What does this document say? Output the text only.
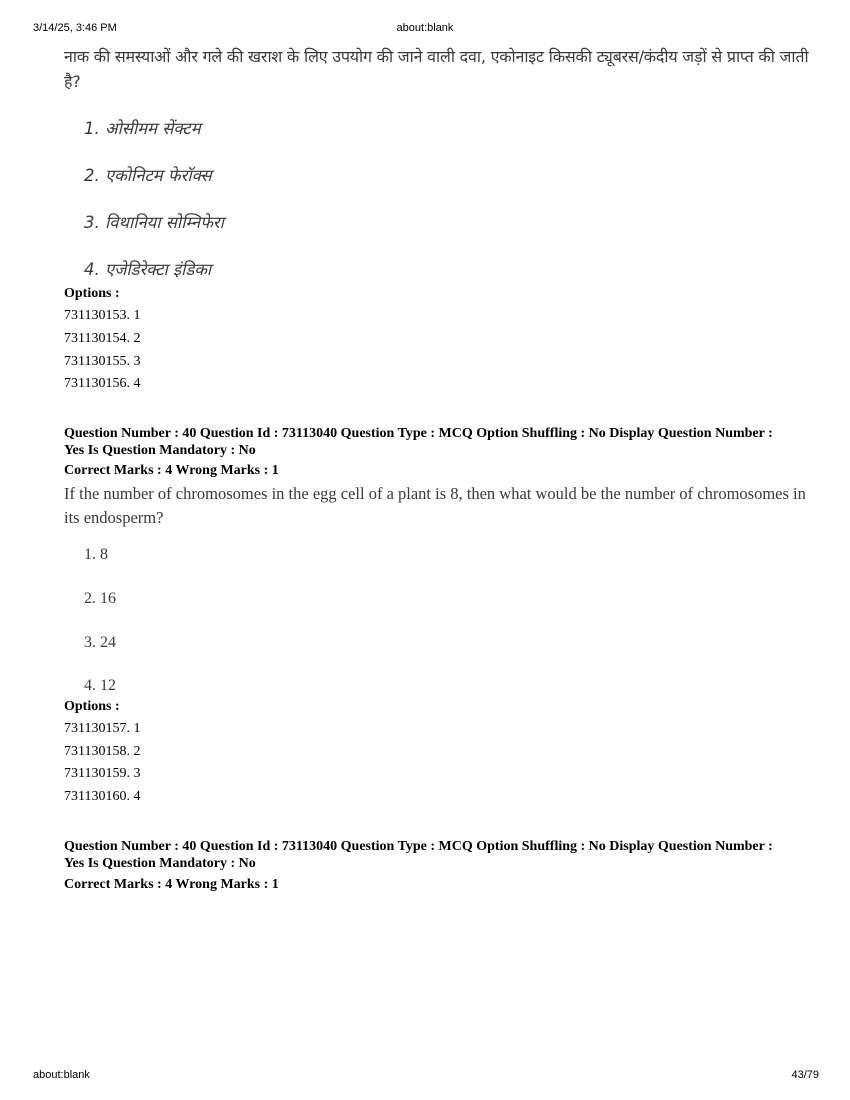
3/14/25, 3:46 PM	about:blank
नाक की समस्याओं और गले की खराश के लिए उपयोग की जाने वाली दवा, एकोनाइट किसकी ट्यूबरस/कंदीय जड़ों से प्राप्त की जाती है?
1. ओसीमम सेंक्टम
2. एकोनिटम फेरॉक्स
3. विथानिया सोम्निफेरा
4. एजेडिरेक्टा इंडिका
Options :
731130153. 1
731130154. 2
731130155. 3
731130156. 4
Question Number : 40 Question Id : 73113040 Question Type : MCQ Option Shuffling : No Display Question Number : Yes Is Question Mandatory : No
Correct Marks : 4 Wrong Marks : 1
If the number of chromosomes in the egg cell of a plant is 8, then what would be the number of chromosomes in its endosperm?
1. 8
2. 16
3. 24
4. 12
Options :
731130157. 1
731130158. 2
731130159. 3
731130160. 4
Question Number : 40 Question Id : 73113040 Question Type : MCQ Option Shuffling : No Display Question Number : Yes Is Question Mandatory : No
Correct Marks : 4 Wrong Marks : 1
about:blank	43/79
